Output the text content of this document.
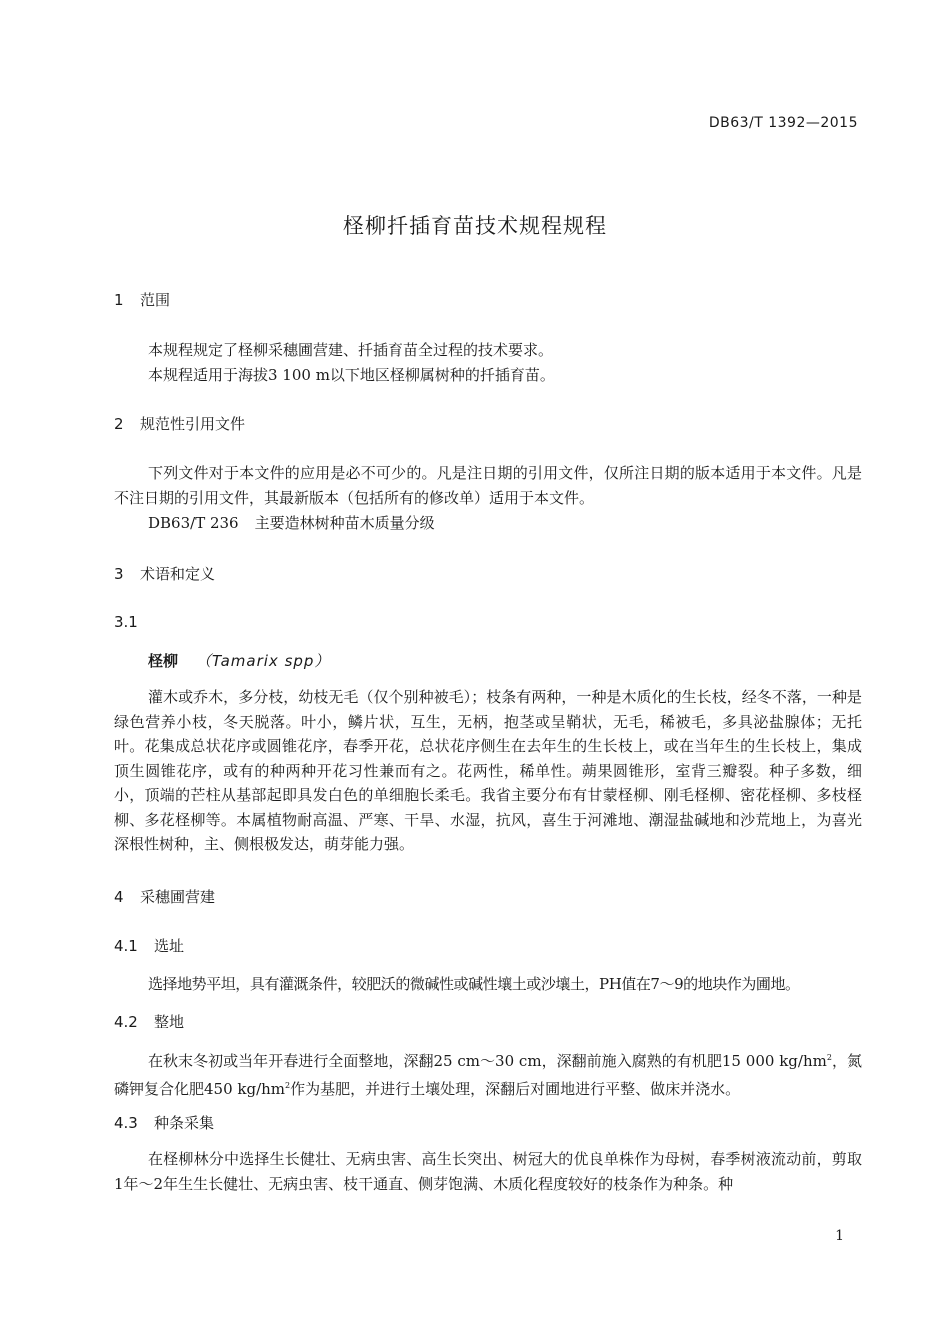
DB63/T 1392—2015
柽柳扦插育苗技术规程规程
1 范围
本规程规定了柽柳采穗圃营建、扦插育苗全过程的技术要求。
本规程适用于海拔3 100 m以下地区柽柳属树种的扦插育苗。
2 规范性引用文件
下列文件对于本文件的应用是必不可少的。凡是注日期的引用文件，仅所注日期的版本适用于本文件。凡是不注日期的引用文件，其最新版本（包括所有的修改单）适用于本文件。
DB63/T 236 主要造林树种苗木质量分级
3 术语和定义
3.1
柽柳 （Tamarix spp）
灌木或乔木，多分枝，幼枝无毛（仅个别种被毛）；枝条有两种，一种是木质化的生长枝，经冬不落，一种是绿色营养小枝，冬天脱落。叶小，鳞片状，互生，无柄，抱茎或呈鞘状，无毛，稀被毛，多具泌盐腺体；无托叶。花集成总状花序或圆锥花序，春季开花，总状花序侧生在去年生的生长枝上，或在当年生的生长枝上，集成顶生圆锥花序，或有的种两种开花习性兼而有之。花两性，稀单性。蒴果圆锥形，室背三瓣裂。种子多数，细小，顶端的芒柱从基部起即具发白色的单细胞长柔毛。我省主要分布有甘蒙柽柳、刚毛柽柳、密花柽柳、多枝柽柳、多花柽柳等。本属植物耐高温、严寒、干旱、水湿，抗风，喜生于河滩地、潮湿盐碱地和沙荒地上，为喜光深根性树种，主、侧根极发达，萌芽能力强。
4 采穗圃营建
4.1 选址
选择地势平坦，具有灌溉条件，较肥沃的微碱性或碱性壤土或沙壤土，PH值在7～9的地块作为圃地。
4.2 整地
在秋末冬初或当年开春进行全面整地，深翻25 cm～30 cm，深翻前施入腐熟的有机肥15 000 $kg/hm^2$，氮磷钾复合化肥450 $kg/hm^2$作为基肥，并进行土壤处理，深翻后对圃地进行平整、做床并浇水。
4.3 种条采集
在柽柳林分中选择生长健壮、无病虫害、高生长突出、树冠大的优良单株作为母树，春季树液流动前，剪取1年～2年生生长健壮、无病虫害、枝干通直、侧芽饱满、木质化程度较好的枝条作为种条。种
1
